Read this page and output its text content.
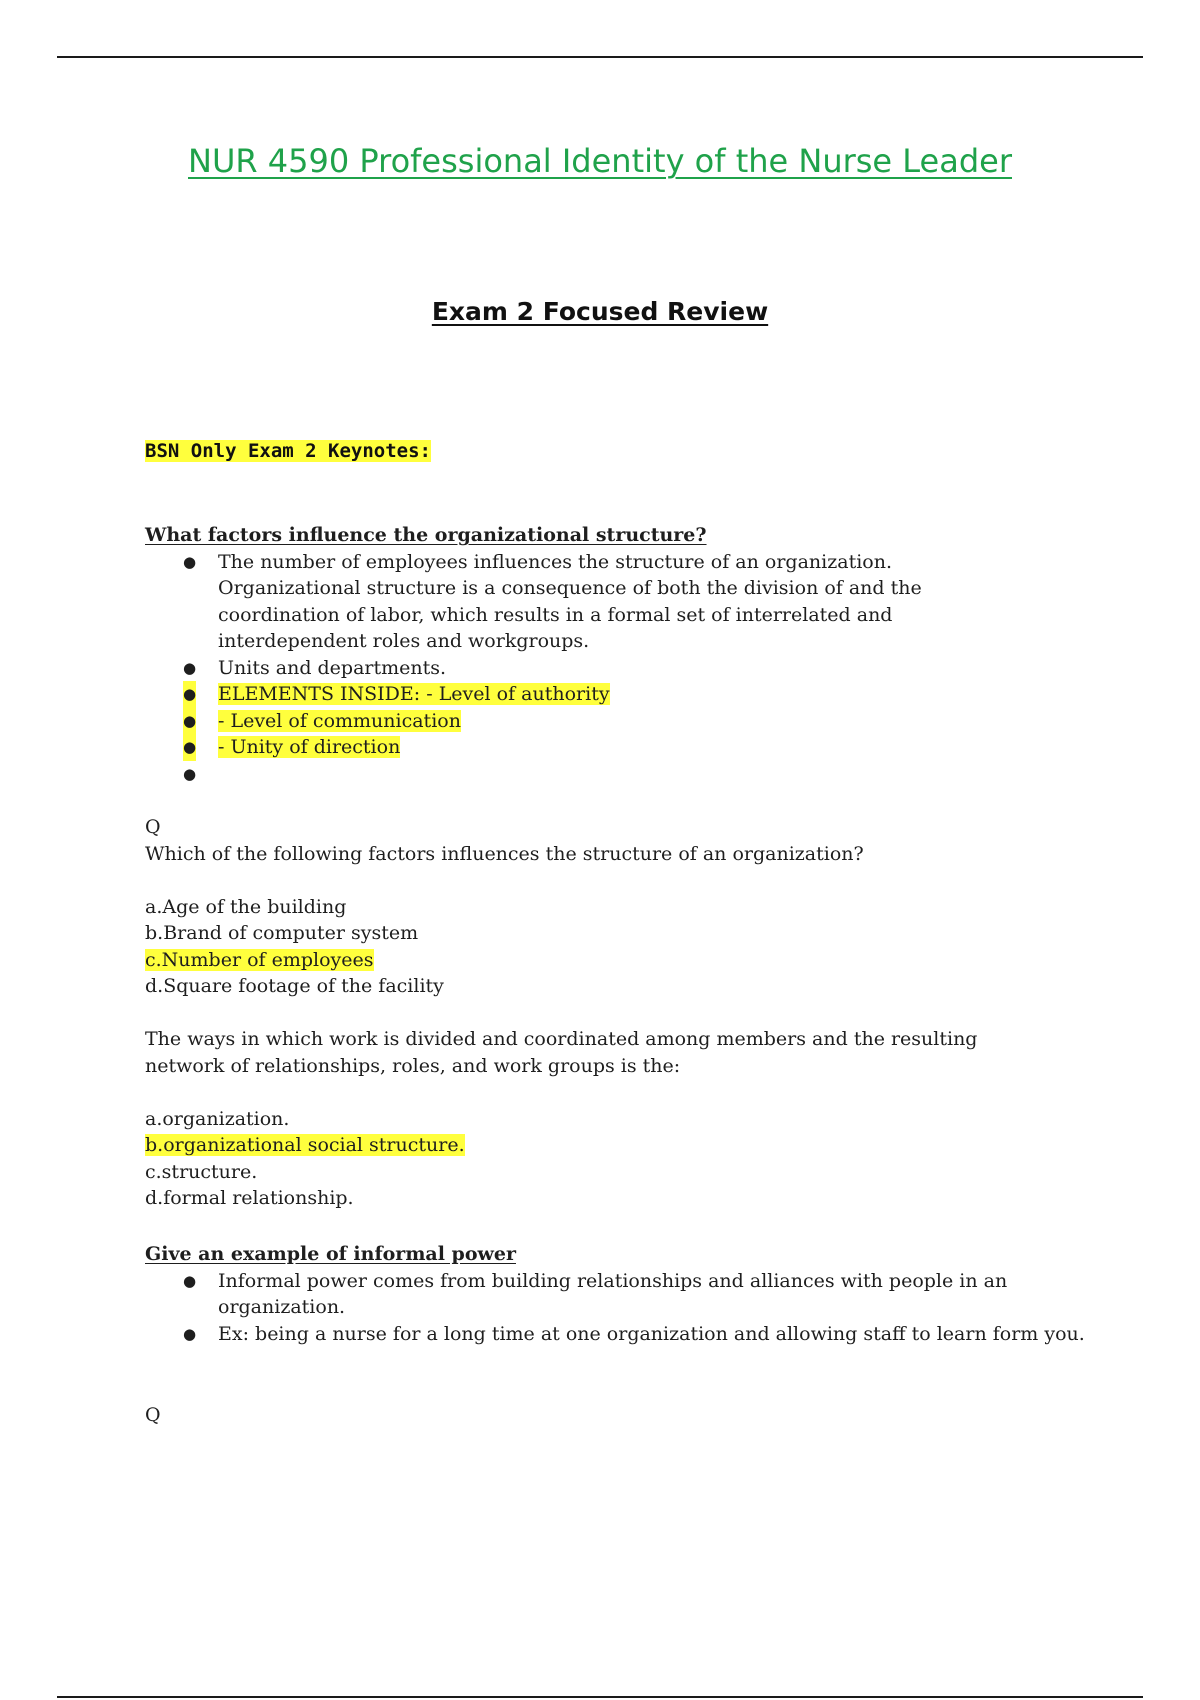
NUR 4590 Professional Identity of the Nurse Leader
Exam 2 Focused Review

BSN Only Exam 2 Keynotes:

What factors influence the organizational structure?

● The number of employees influences the structure of an organization. Organizational structure is a consequence of both the division of and the coordination of labor, which results in a formal set of interrelated and interdependent roles and workgroups.
● Units and departments.
● ELEMENTS INSIDE: - Level of authority
● - Level of communication
● - Unity of direction
●

Q

Which of the following factors influences the structure of an organization?

a.Age of the building

b.Brand of computer system

c.Number of employees

d.Square footage of the facility

The ways in which work is divided and coordinated among members and the resulting network of relationships, roles, and work groups is the:

a.organization.

b.organizational social structure.

c.structure.

d.formal relationship.

Give an example of informal power

● Informal power comes from building relationships and alliances with people in an organization.
● Ex: being a nurse for a long time at one organization and allowing staff to learn form you.

Q
